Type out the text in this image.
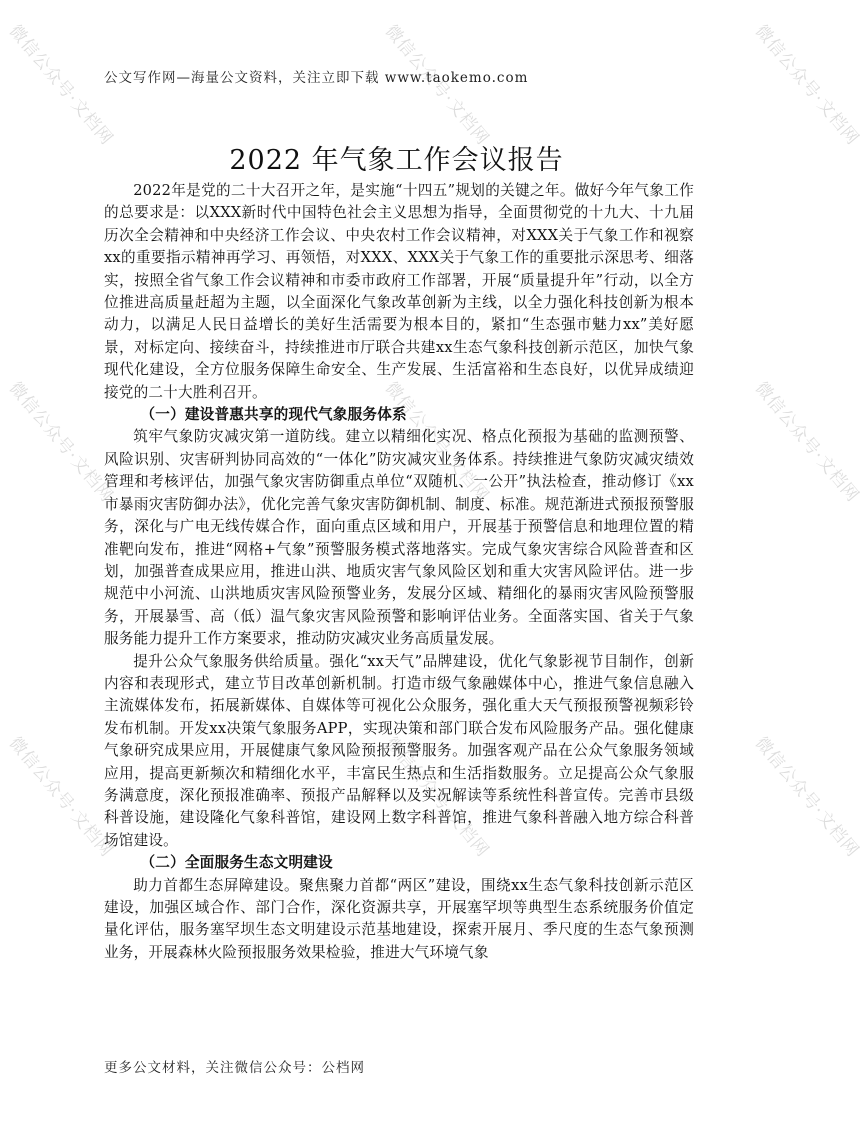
微信公众号·文档网	微信公众号·文档网	微信公众号·文档网
微信公众号·文档网	微信公众号·文档网	微信公众号·文档网
微信公众号·文档网	微信公众号·文档网	微信公众号·文档网
公文写作网—海量公文资料，关注立即下载 www.taokemo.com
2022 年气象工作会议报告

2022年是党的二十大召开之年，是实施“十四五”规划的关键之年。做好今年气象工作的总要求是：以XXX新时代中国特色社会主义思想为指导，全面贯彻党的十九大、十九届历次全会精神和中央经济工作会议、中央农村工作会议精神，对XXX关于气象工作和视察xx的重要指示精神再学习、再领悟，对XXX、XXX关于气象工作的重要批示深思考、细落实，按照全省气象工作会议精神和市委市政府工作部署，开展“质量提升年”行动，以全方位推进高质量赶超为主题，以全面深化气象改革创新为主线，以全力强化科技创新为根本动力，以满足人民日益增长的美好生活需要为根本目的，紧扣“生态强市魅力xx”美好愿景，对标定向、接续奋斗，持续推进市厅联合共建xx生态气象科技创新示范区，加快气象现代化建设，全方位服务保障生命安全、生产发展、生活富裕和生态良好，以优异成绩迎接党的二十大胜利召开。

（一）建设普惠共享的现代气象服务体系

筑牢气象防灾减灾第一道防线。建立以精细化实况、格点化预报为基础的监测预警、风险识别、灾害研判协同高效的“一体化”防灾减灾业务体系。持续推进气象防灾减灾绩效管理和考核评估，加强气象灾害防御重点单位“双随机、一公开”执法检查，推动修订《xx市暴雨灾害防御办法》，优化完善气象灾害防御机制、制度、标准。规范渐进式预报预警服务，深化与广电无线传媒合作，面向重点区域和用户，开展基于预警信息和地理位置的精准靶向发布，推进“网格+气象”预警服务模式落地落实。完成气象灾害综合风险普查和区划，加强普查成果应用，推进山洪、地质灾害气象风险区划和重大灾害风险评估。进一步规范中小河流、山洪地质灾害风险预警业务，发展分区域、精细化的暴雨灾害风险预警服务，开展暴雪、高（低）温气象灾害风险预警和影响评估业务。全面落实国、省关于气象服务能力提升工作方案要求，推动防灾减灾业务高质量发展。

提升公众气象服务供给质量。强化“xx天气”品牌建设，优化气象影视节目制作，创新内容和表现形式，建立节目改革创新机制。打造市级气象融媒体中心，推进气象信息融入主流媒体发布，拓展新媒体、自媒体等可视化公众服务，强化重大天气预报预警视频彩铃发布机制。开发xx决策气象服务APP，实现决策和部门联合发布风险服务产品。强化健康气象研究成果应用，开展健康气象风险预报预警服务。加强客观产品在公众气象服务领域应用，提高更新频次和精细化水平，丰富民生热点和生活指数服务。立足提高公众气象服务满意度，深化预报准确率、预报产品解释以及实况解读等系统性科普宣传。完善市县级科普设施，建设隆化气象科普馆，建设网上数字科普馆，推进气象科普融入地方综合科普场馆建设。

（二）全面服务生态文明建设

助力首都生态屏障建设。聚焦聚力首都“两区”建设，围绕xx生态气象科技创新示范区建设，加强区域合作、部门合作，深化资源共享，开展塞罕坝等典型生态系统服务价值定量化评估，服务塞罕坝生态文明建设示范基地建设，探索开展月、季尺度的生态气象预测业务，开展森林火险预报服务效果检验，推进大气环境气象

更多公文材料，关注微信公众号：公档网
